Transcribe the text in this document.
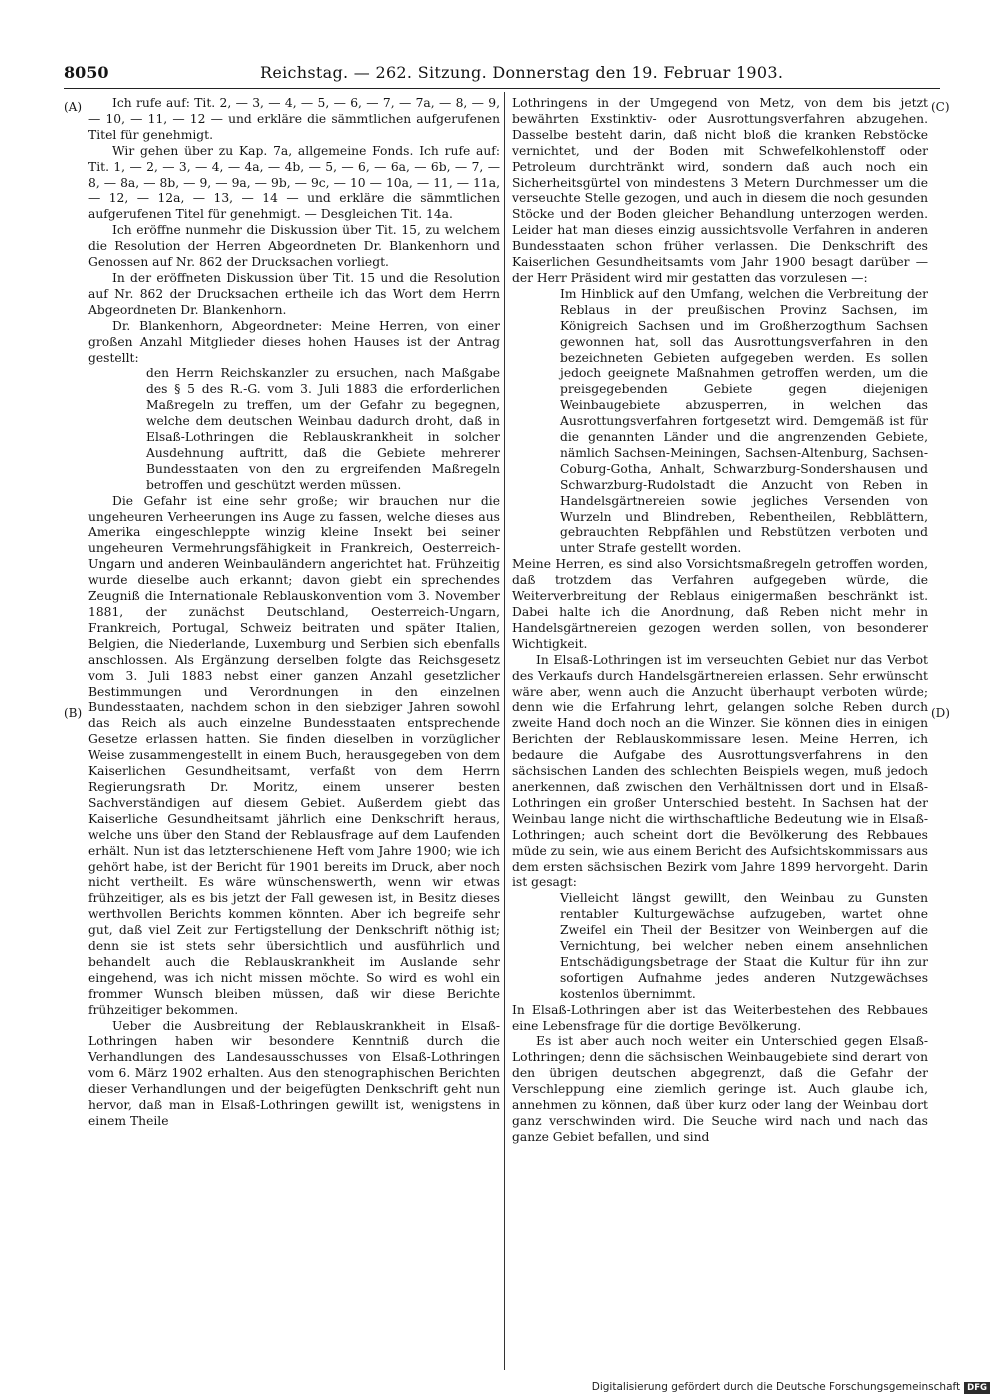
8050	Reichstag. — 262. Sitzung. Donnerstag den 19. Februar 1903.
(A)
(B)
(C)
(D)

Ich rufe auf: Tit. 2, — 3, — 4, — 5, — 6, — 7, — 7a, — 8, — 9, — 10, — 11, — 12 — und erkläre die sämmtlichen aufgerufenen Titel für genehmigt.

Wir gehen über zu Kap. 7a, allgemeine Fonds. Ich rufe auf: Tit. 1, — 2, — 3, — 4, — 4a, — 4b, — 5, — 6, — 6a, — 6b, — 7, — 8, — 8a, — 8b, — 9, — 9a, — 9b, — 9c, — 10 — 10a, — 11, — 11a, — 12, — 12a, — 13, — 14 — und erkläre die sämmtlichen aufgerufenen Titel für genehmigt. — Desgleichen Tit. 14a.

Ich eröffne nunmehr die Diskussion über Tit. 15, zu welchem die Resolution der Herren Abgeordneten Dr. Blankenhorn und Genossen auf Nr. 862 der Drucksachen vorliegt.

In der eröffneten Diskussion über Tit. 15 und die Resolution auf Nr. 862 der Drucksachen ertheile ich das Wort dem Herrn Abgeordneten Dr. Blankenhorn.

Dr. Blankenhorn, Abgeordneter: Meine Herren, von einer großen Anzahl Mitglieder dieses hohen Hauses ist der Antrag gestellt:

den Herrn Reichskanzler zu ersuchen, nach Maßgabe des § 5 des R.-G. vom 3. Juli 1883 die erforderlichen Maßregeln zu treffen, um der Gefahr zu begegnen, welche dem deutschen Weinbau dadurch droht, daß in Elsaß-Lothringen die Reblauskrankheit in solcher Ausdehnung auftritt, daß die Gebiete mehrerer Bundesstaaten von den zu ergreifenden Maßregeln betroffen und geschützt werden müssen.

Die Gefahr ist eine sehr große; wir brauchen nur die ungeheuren Verheerungen ins Auge zu fassen, welche dieses aus Amerika eingeschleppte winzig kleine Insekt bei seiner ungeheuren Vermehrungsfähigkeit in Frankreich, Oesterreich-Ungarn und anderen Weinbauländern angerichtet hat. Frühzeitig wurde dieselbe auch erkannt; davon giebt ein sprechendes Zeugniß die Internationale Reblauskonvention vom 3. November 1881, der zunächst Deutschland, Oesterreich-Ungarn, Frankreich, Portugal, Schweiz beitraten und später Italien, Belgien, die Niederlande, Luxemburg und Serbien sich ebenfalls anschlossen. Als Ergänzung derselben folgte das Reichsgesetz vom 3. Juli 1883 nebst einer ganzen Anzahl gesetzlicher Bestimmungen und Verordnungen in den einzelnen Bundesstaaten, nachdem schon in den siebziger Jahren sowohl das Reich als auch einzelne Bundesstaaten entsprechende Gesetze erlassen hatten. Sie finden dieselben in vorzüglicher Weise zusammengestellt in einem Buch, herausgegeben von dem Kaiserlichen Gesundheitsamt, verfaßt von dem Herrn Regierungsrath Dr. Moritz, einem unserer besten Sachverständigen auf diesem Gebiet. Außerdem giebt das Kaiserliche Gesundheitsamt jährlich eine Denkschrift heraus, welche uns über den Stand der Reblausfrage auf dem Laufenden erhält. Nun ist das letzterschienene Heft vom Jahre 1900; wie ich gehört habe, ist der Bericht für 1901 bereits im Druck, aber noch nicht vertheilt. Es wäre wünschenswerth, wenn wir etwas frühzeitiger, als es bis jetzt der Fall gewesen ist, in Besitz dieses werthvollen Berichts kommen könnten. Aber ich begreife sehr gut, daß viel Zeit zur Fertigstellung der Denkschrift nöthig ist; denn sie ist stets sehr übersichtlich und ausführlich und behandelt auch die Reblauskrankheit im Auslande sehr eingehend, was ich nicht missen möchte. So wird es wohl ein frommer Wunsch bleiben müssen, daß wir diese Berichte frühzeitiger bekommen.

Ueber die Ausbreitung der Reblauskrankheit in Elsaß-Lothringen haben wir besondere Kenntniß durch die Verhandlungen des Landesausschusses von Elsaß-Lothringen vom 6. März 1902 erhalten. Aus den stenographischen Berichten dieser Verhandlungen und der beigefügten Denkschrift geht nun hervor, daß man in Elsaß-Lothringen gewillt ist, wenigstens in einem Theile

Lothringens in der Umgegend von Metz, von dem bis jetzt bewährten Exstinktiv- oder Ausrottungsverfahren abzugehen. Dasselbe besteht darin, daß nicht bloß die kranken Rebstöcke vernichtet, und der Boden mit Schwefelkohlenstoff oder Petroleum durchtränkt wird, sondern daß auch noch ein Sicherheitsgürtel von mindestens 3 Metern Durchmesser um die verseuchte Stelle gezogen, und auch in diesem die noch gesunden Stöcke und der Boden gleicher Behandlung unterzogen werden. Leider hat man dieses einzig aussichtsvolle Verfahren in anderen Bundesstaaten schon früher verlassen. Die Denkschrift des Kaiserlichen Gesundheitsamts vom Jahr 1900 besagt darüber — der Herr Präsident wird mir gestatten das vorzulesen —:

Im Hinblick auf den Umfang, welchen die Verbreitung der Reblaus in der preußischen Provinz Sachsen, im Königreich Sachsen und im Großherzogthum Sachsen gewonnen hat, soll das Ausrottungsverfahren in den bezeichneten Gebieten aufgegeben werden. Es sollen jedoch geeignete Maßnahmen getroffen werden, um die preisgegebenden Gebiete gegen diejenigen Weinbaugebiete abzusperren, in welchen das Ausrottungsverfahren fortgesetzt wird. Demgemäß ist für die genannten Länder und die angrenzenden Gebiete, nämlich Sachsen-Meiningen, Sachsen-Altenburg, Sachsen-Coburg-Gotha, Anhalt, Schwarzburg-Sondershausen und Schwarzburg-Rudolstadt die Anzucht von Reben in Handelsgärtnereien sowie jegliches Versenden von Wurzeln und Blindreben, Rebentheilen, Rebblättern, gebrauchten Rebpfählen und Rebstützen verboten und unter Strafe gestellt worden.

Meine Herren, es sind also Vorsichtsmaßregeln getroffen worden, daß trotzdem das Verfahren aufgegeben würde, die Weiterverbreitung der Reblaus einigermaßen beschränkt ist. Dabei halte ich die Anordnung, daß Reben nicht mehr in Handelsgärtnereien gezogen werden sollen, von besonderer Wichtigkeit.

In Elsaß-Lothringen ist im verseuchten Gebiet nur das Verbot des Verkaufs durch Handelsgärtnereien erlassen. Sehr erwünscht wäre aber, wenn auch die Anzucht überhaupt verboten würde; denn wie die Erfahrung lehrt, gelangen solche Reben durch zweite Hand doch noch an die Winzer. Sie können dies in einigen Berichten der Reblauskommissare lesen. Meine Herren, ich bedaure die Aufgabe des Ausrottungsverfahrens in den sächsischen Landen des schlechten Beispiels wegen, muß jedoch anerkennen, daß zwischen den Verhältnissen dort und in Elsaß-Lothringen ein großer Unterschied besteht. In Sachsen hat der Weinbau lange nicht die wirthschaftliche Bedeutung wie in Elsaß-Lothringen; auch scheint dort die Bevölkerung des Rebbaues müde zu sein, wie aus einem Bericht des Aufsichtskommissars aus dem ersten sächsischen Bezirk vom Jahre 1899 hervorgeht. Darin ist gesagt:

Vielleicht längst gewillt, den Weinbau zu Gunsten rentabler Kulturgewächse aufzugeben, wartet ohne Zweifel ein Theil der Besitzer von Weinbergen auf die Vernichtung, bei welcher neben einem ansehnlichen Entschädigungsbetrage der Staat die Kultur für ihn zur sofortigen Aufnahme jedes anderen Nutzgewächses kostenlos übernimmt.

In Elsaß-Lothringen aber ist das Weiterbestehen des Rebbaues eine Lebensfrage für die dortige Bevölkerung.

Es ist aber auch noch weiter ein Unterschied gegen Elsaß-Lothringen; denn die sächsischen Weinbaugebiete sind derart von den übrigen deutschen abgegrenzt, daß die Gefahr der Verschleppung eine ziemlich geringe ist. Auch glaube ich, annehmen zu können, daß über kurz oder lang der Weinbau dort ganz verschwinden wird. Die Seuche wird nach und nach das ganze Gebiet befallen, und sind

Digitalisierung gefördert durch die Deutsche Forschungsgemeinschaft DFG
